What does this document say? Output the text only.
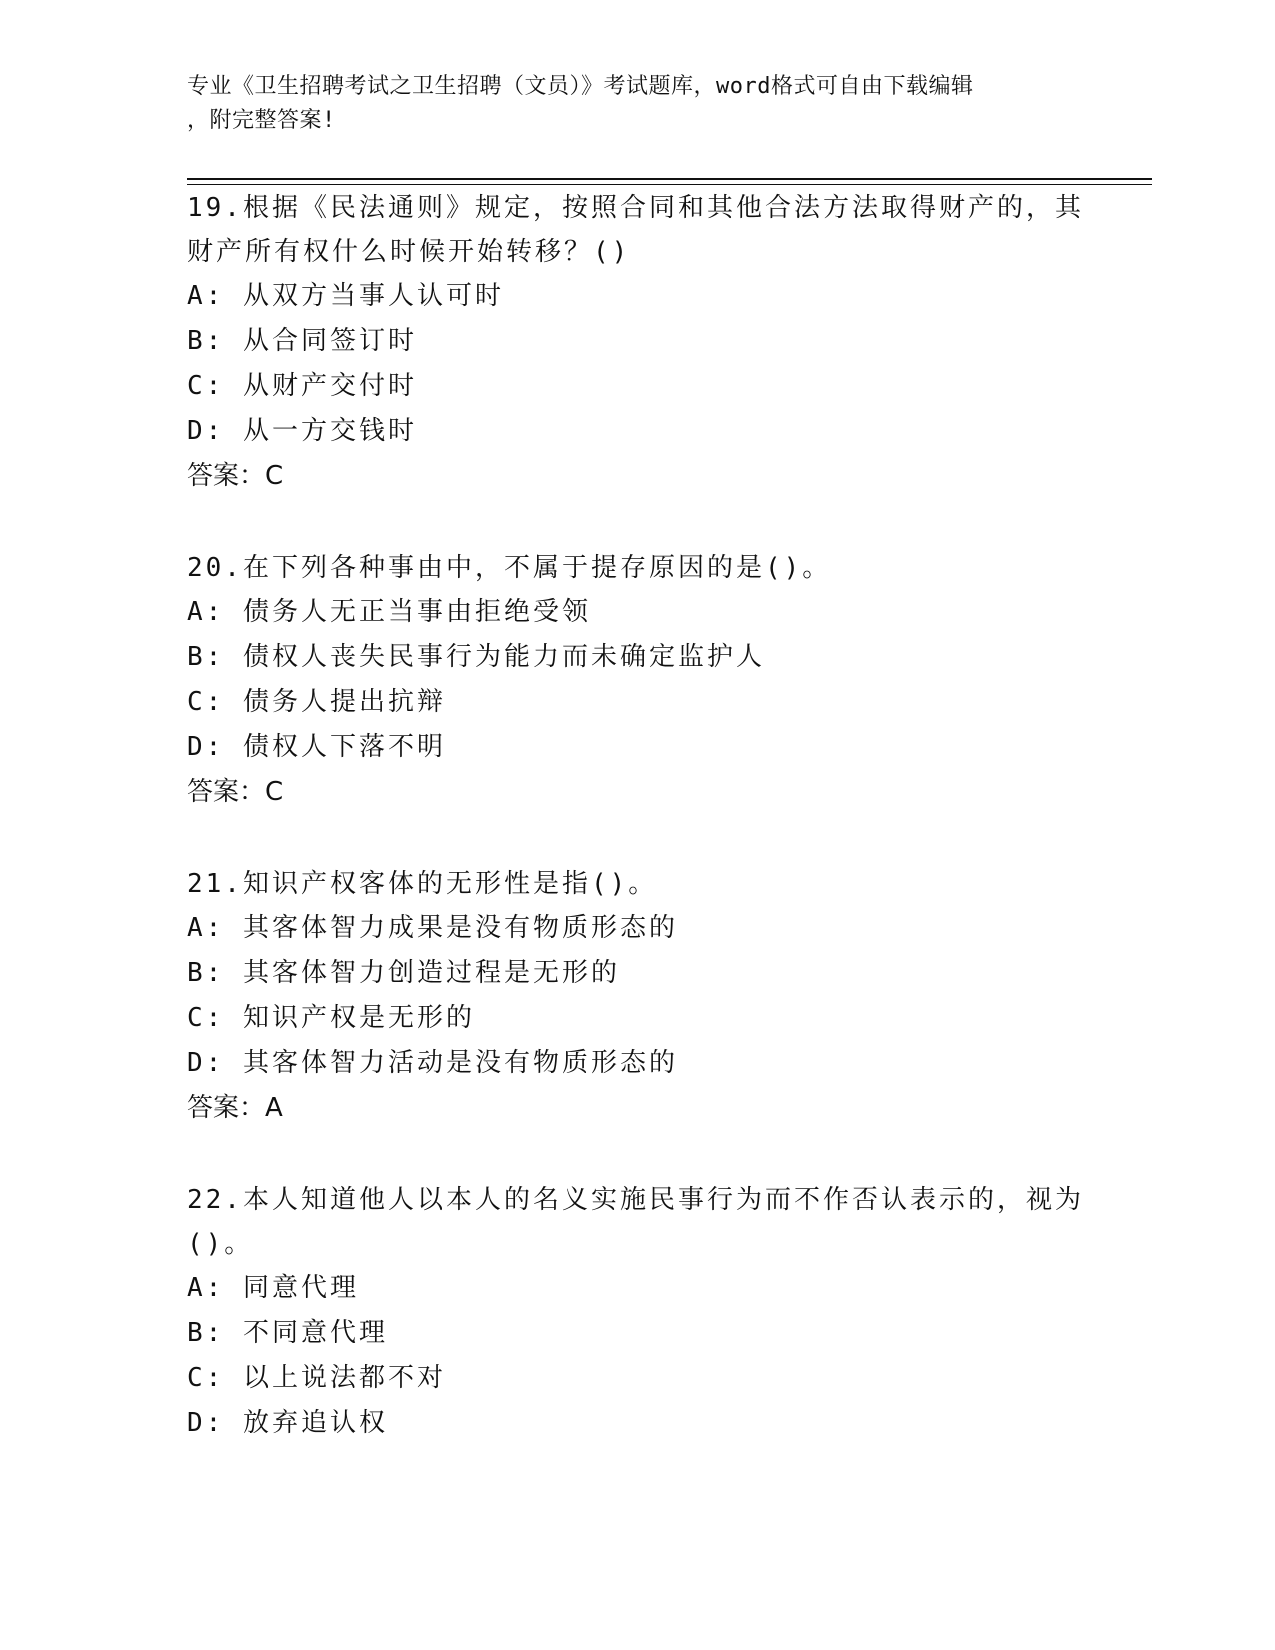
专业《卫生招聘考试之卫生招聘（文员）》考试题库，word格式可自由下载编辑
，附完整答案!

19.根据《民法通则》规定，按照合同和其他合法方法取得财产的，其

财产所有权什么时候开始转移？()

A: 从双方当事人认可时

B: 从合同签订时

C: 从财产交付时

D: 从一方交钱时

答案：C

20.在下列各种事由中，不属于提存原因的是()。

A: 债务人无正当事由拒绝受领

B: 债权人丧失民事行为能力而未确定监护人

C: 债务人提出抗辩

D: 债权人下落不明

答案：C

21.知识产权客体的无形性是指()。

A: 其客体智力成果是没有物质形态的

B: 其客体智力创造过程是无形的

C: 知识产权是无形的

D: 其客体智力活动是没有物质形态的

答案：A

22.本人知道他人以本人的名义实施民事行为而不作否认表示的，视为

()。

A: 同意代理

B: 不同意代理

C: 以上说法都不对

D: 放弃追认权
